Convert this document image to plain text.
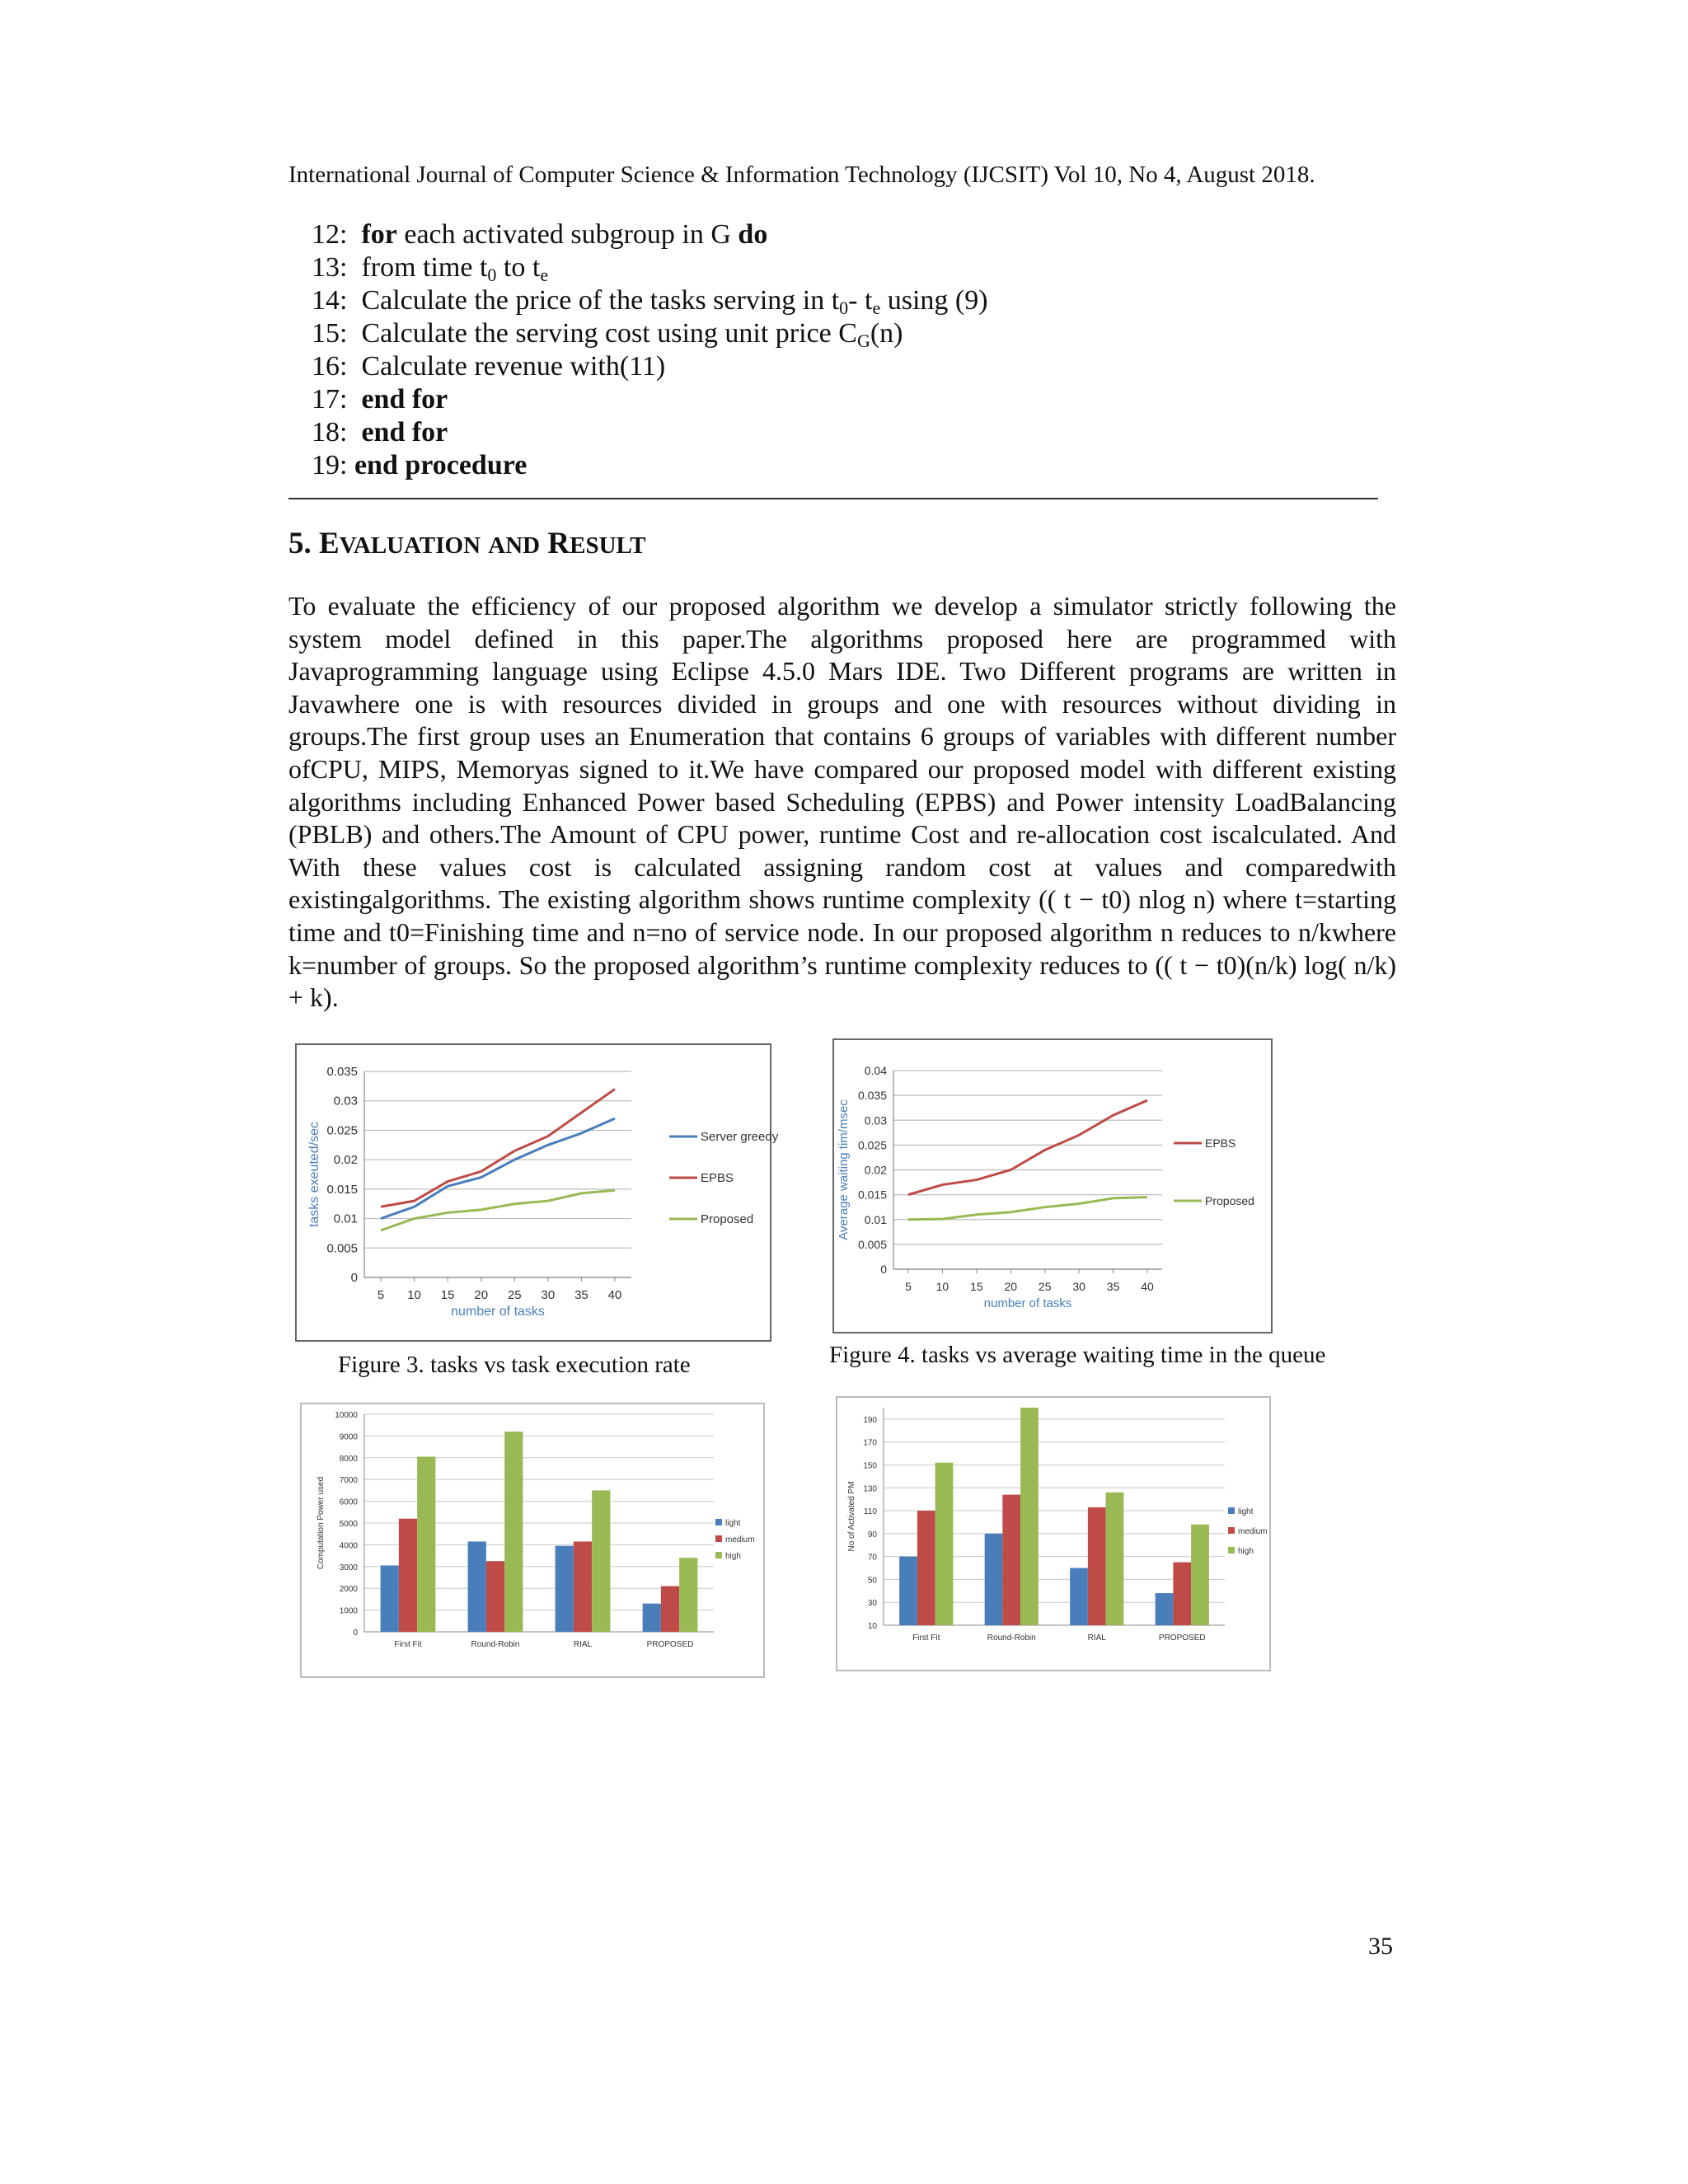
International Journal of Computer Science & Information Technology (IJCSIT) Vol 10, No 4, August 2018.
12: for each activated subgroup in G do
13: from time $t_0$ to $t_e$
14: Calculate the price of the tasks serving in $t_0-$ $t_e$ using (9)
15: Calculate the serving cost using unit price $C_G(n)$
16: Calculate revenue with(11)
17: end for
18: end for
19: end procedure
5. EVALUATION AND RESULT
To evaluate the efficiency of our proposed algorithm we develop a simulator strictly following the system model defined in this paper.The algorithms proposed here are programmed with Javaprogramming language using Eclipse 4.5.0 Mars IDE. Two Different programs are written in Javawhere one is with resources divided in groups and one with resources without dividing in groups.The first group uses an Enumeration that contains 6 groups of variables with different number ofCPU, MIPS, Memoryas signed to it.We have compared our proposed model with different existing algorithms including Enhanced Power based Scheduling (EPBS) and Power intensity LoadBalancing (PBLB) and others.The Amount of CPU power, runtime Cost and re-allocation cost iscalculated. And With these values cost is calculated assigning random cost at values and comparedwith existingalgorithms. The existing algorithm shows runtime complexity (( t − t0) nlog n) where t=starting time and t0=Finishing time and n=no of service node. In our proposed algorithm n reduces to n/kwhere k=number of groups. So the proposed algorithm’s runtime complexity reduces to (( t − t0)(n/k) log( n/k) + k).
0
0.005
0.01
0.015
0.02
0.025
0.03
0.035
5 10 15 20 25 30 35 40
Server greedy
EPBS
Proposed
number of tasks
tasks exeuted/sec
Figure 3. tasks vs task execution rate
0
0.005
0.01
0.015
0.02
0.025
0.03
0.035
0.04
5 10 15 20 25 30 35 40
EPBS
Proposed
number of tasks
Average waiting tim/msec
Figure 4. tasks vs average waiting time in the queue
0
1000
2000
3000
4000
5000
6000
7000
8000
9000
10000
First Fit	Round-Robin	RIAL	PROPOSED
light
medium
high
Computation Power used
10
30
50
70
90
110
130
150
170
190
First Fit	Round-Robin	RIAL	PROPOSED
light
medium
high
No of Activated PM
35
